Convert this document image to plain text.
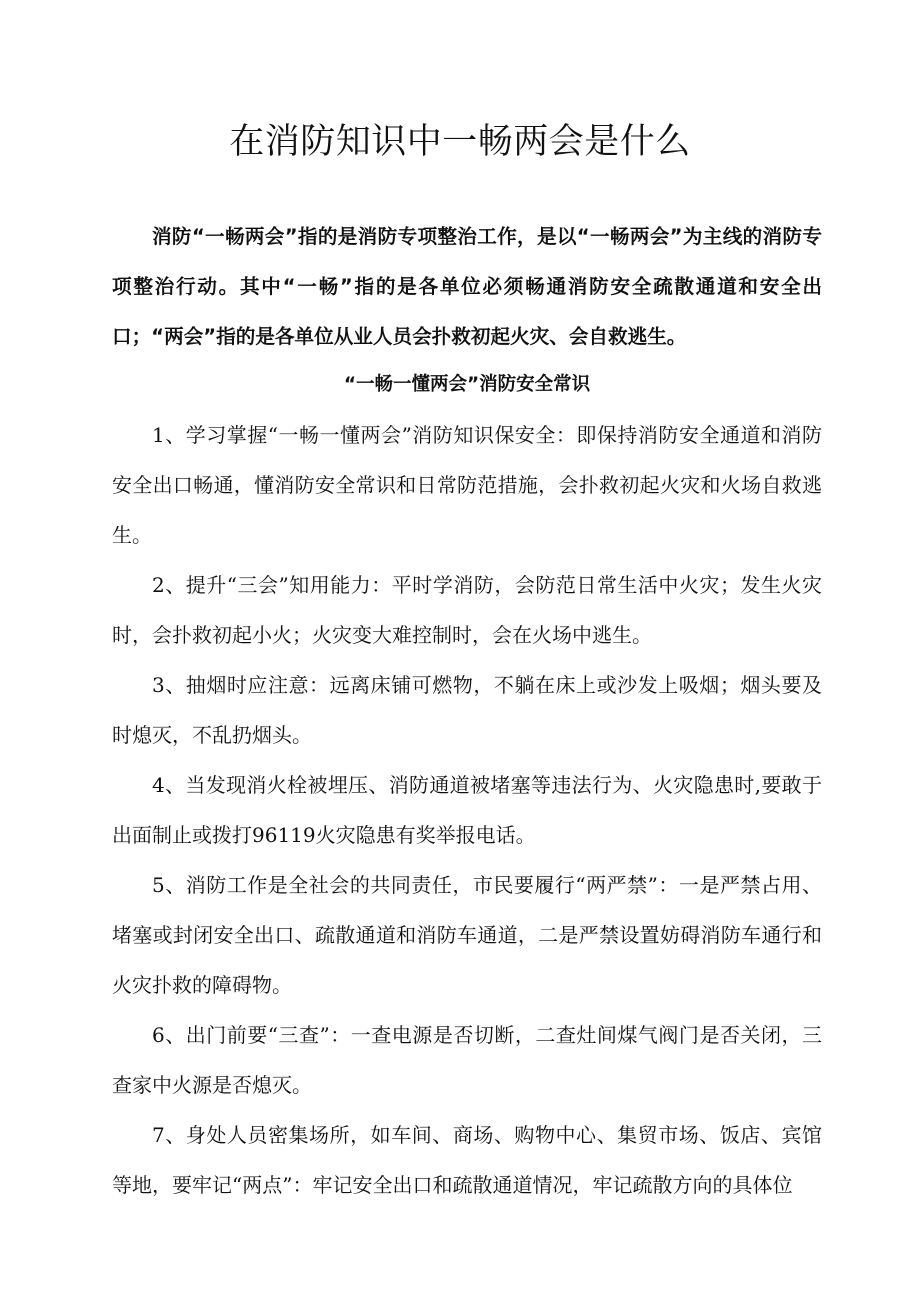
在消防知识中一畅两会是什么

消防“一畅两会”指的是消防专项整治工作，是以“一畅两会”为主线的消防专项整治行动。其中“一畅”指的是各单位必须畅通消防安全疏散通道和安全出口；“两会”指的是各单位从业人员会扑救初起火灾、会自救逃生。

“一畅一懂两会”消防安全常识

1、学习掌握“一畅一懂两会”消防知识保安全：即保持消防安全通道和消防安全出口畅通，懂消防安全常识和日常防范措施，会扑救初起火灾和火场自救逃生。

2、提升“三会”知用能力：平时学消防，会防范日常生活中火灾；发生火灾时，会扑救初起小火；火灾变大难控制时，会在火场中逃生。

3、抽烟时应注意：远离床铺可燃物，不躺在床上或沙发上吸烟；烟头要及时熄灭，不乱扔烟头。

4、当发现消火栓被埋压、消防通道被堵塞等违法行为、火灾隐患时,要敢于出面制止或拨打96119火灾隐患有奖举报电话。

5、消防工作是全社会的共同责任，市民要履行“两严禁”：一是严禁占用、堵塞或封闭安全出口、疏散通道和消防车通道，二是严禁设置妨碍消防车通行和火灾扑救的障碍物。

6、出门前要“三查”：一查电源是否切断，二查灶间煤气阀门是否关闭，三查家中火源是否熄灭。

7、身处人员密集场所，如车间、商场、购物中心、集贸市场、饭店、宾馆等地，要牢记“两点”：牢记安全出口和疏散通道情况，牢记疏散方向的具体位
